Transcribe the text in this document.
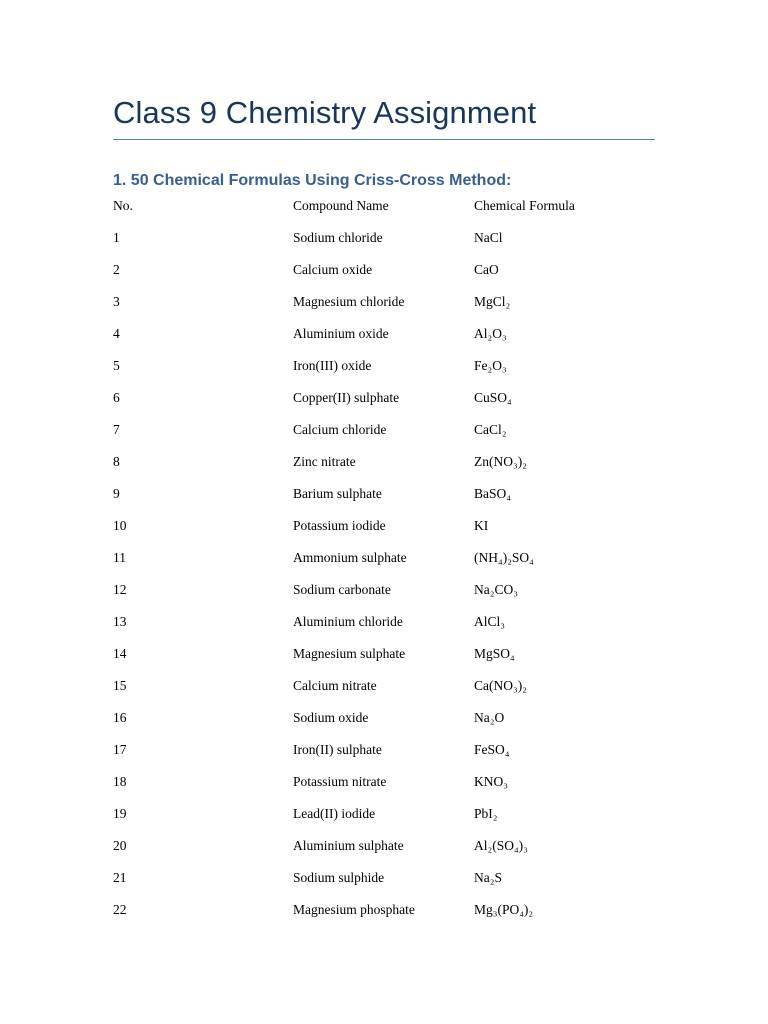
Class 9 Chemistry Assignment
1. 50 Chemical Formulas Using Criss-Cross Method:
No.	Compound Name	Chemical Formula
1	Sodium chloride	NaCl
2	Calcium oxide	CaO
3	Magnesium chloride	MgCl₂
4	Aluminium oxide	Al₂O₃
5	Iron(III) oxide	Fe₂O₃
6	Copper(II) sulphate	CuSO₄
7	Calcium chloride	CaCl₂
8	Zinc nitrate	Zn(NO₃)₂
9	Barium sulphate	BaSO₄
10	Potassium iodide	KI
11	Ammonium sulphate	(NH₄)₂SO₄
12	Sodium carbonate	Na₂CO₃
13	Aluminium chloride	AlCl₃
14	Magnesium sulphate	MgSO₄
15	Calcium nitrate	Ca(NO₃)₂
16	Sodium oxide	Na₂O
17	Iron(II) sulphate	FeSO₄
18	Potassium nitrate	KNO₃
19	Lead(II) iodide	PbI₂
20	Aluminium sulphate	Al₂(SO₄)₃
21	Sodium sulphide	Na₂S
22	Magnesium phosphate	Mg₃(PO₄)₂
